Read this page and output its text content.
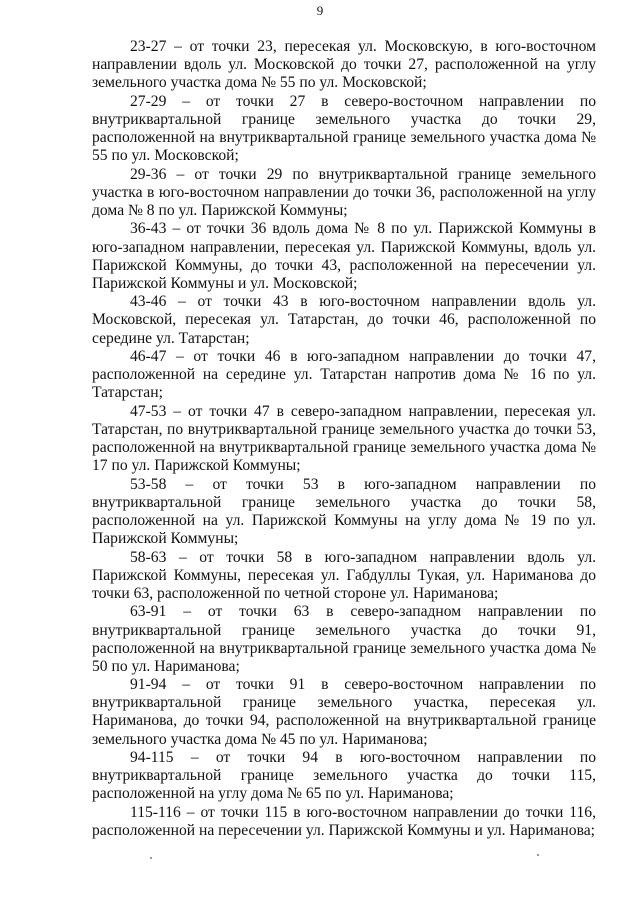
9

23-27 – от точки 23, пересекая ул. Московскую, в юго-восточном направлении вдоль ул. Московской до точки 27, расположенной на углу земельного участка дома № 55 по ул. Московской;

27-29 – от точки 27 в северо-восточном направлении по внутриквартальной границе земельного участка до точки 29, расположенной на внутриквартальной границе земельного участка дома № 55 по ул. Московской;

29-36 – от точки 29 по внутриквартальной границе земельного участка в юго-восточном направлении до точки 36, расположенной на углу дома № 8 по ул. Парижской Коммуны;

36-43 – от точки 36 вдоль дома № 8 по ул. Парижской Коммуны в юго-западном направлении, пересекая ул. Парижской Коммуны, вдоль ул. Парижской Коммуны, до точки 43, расположенной на пересечении ул. Парижской Коммуны и ул. Московской;

43-46 – от точки 43 в юго-восточном направлении вдоль ул. Московской, пересекая ул. Татарстан, до точки 46, расположенной по середине ул. Татарстан;

46-47 – от точки 46 в юго-западном направлении до точки 47, расположенной на середине ул. Татарстан напротив дома № 16 по ул. Татарстан;

47-53 – от точки 47 в северо-западном направлении, пересекая ул. Татарстан, по внутриквартальной границе земельного участка до точки 53, расположенной на внутриквартальной границе земельного участка дома № 17 по ул. Парижской Коммуны;

53-58 – от точки 53 в юго-западном направлении по внутриквартальной границе земельного участка до точки 58, расположенной на ул. Парижской Коммуны на углу дома № 19 по ул. Парижской Коммуны;

58-63 – от точки 58 в юго-западном направлении вдоль ул. Парижской Коммуны, пересекая ул. Габдуллы Тукая, ул. Нариманова до точки 63, расположенной по четной стороне ул. Нариманова;

63-91 – от точки 63 в северо-западном направлении по внутриквартальной границе земельного участка до точки 91, расположенной на внутриквартальной границе земельного участка дома № 50 по ул. Нариманова;

91-94 – от точки 91 в северо-восточном направлении по внутриквартальной границе земельного участка, пересекая ул. Нариманова, до точки 94, расположенной на внутриквартальной границе земельного участка дома № 45 по ул. Нариманова;

94-115 – от точки 94 в юго-восточном направлении по внутриквартальной границе земельного участка до точки 115, расположенной на углу дома № 65 по ул. Нариманова;

115-116 – от точки 115 в юго-восточном направлении до точки 116, расположенной на пересечении ул. Парижской Коммуны и ул. Нариманова;
